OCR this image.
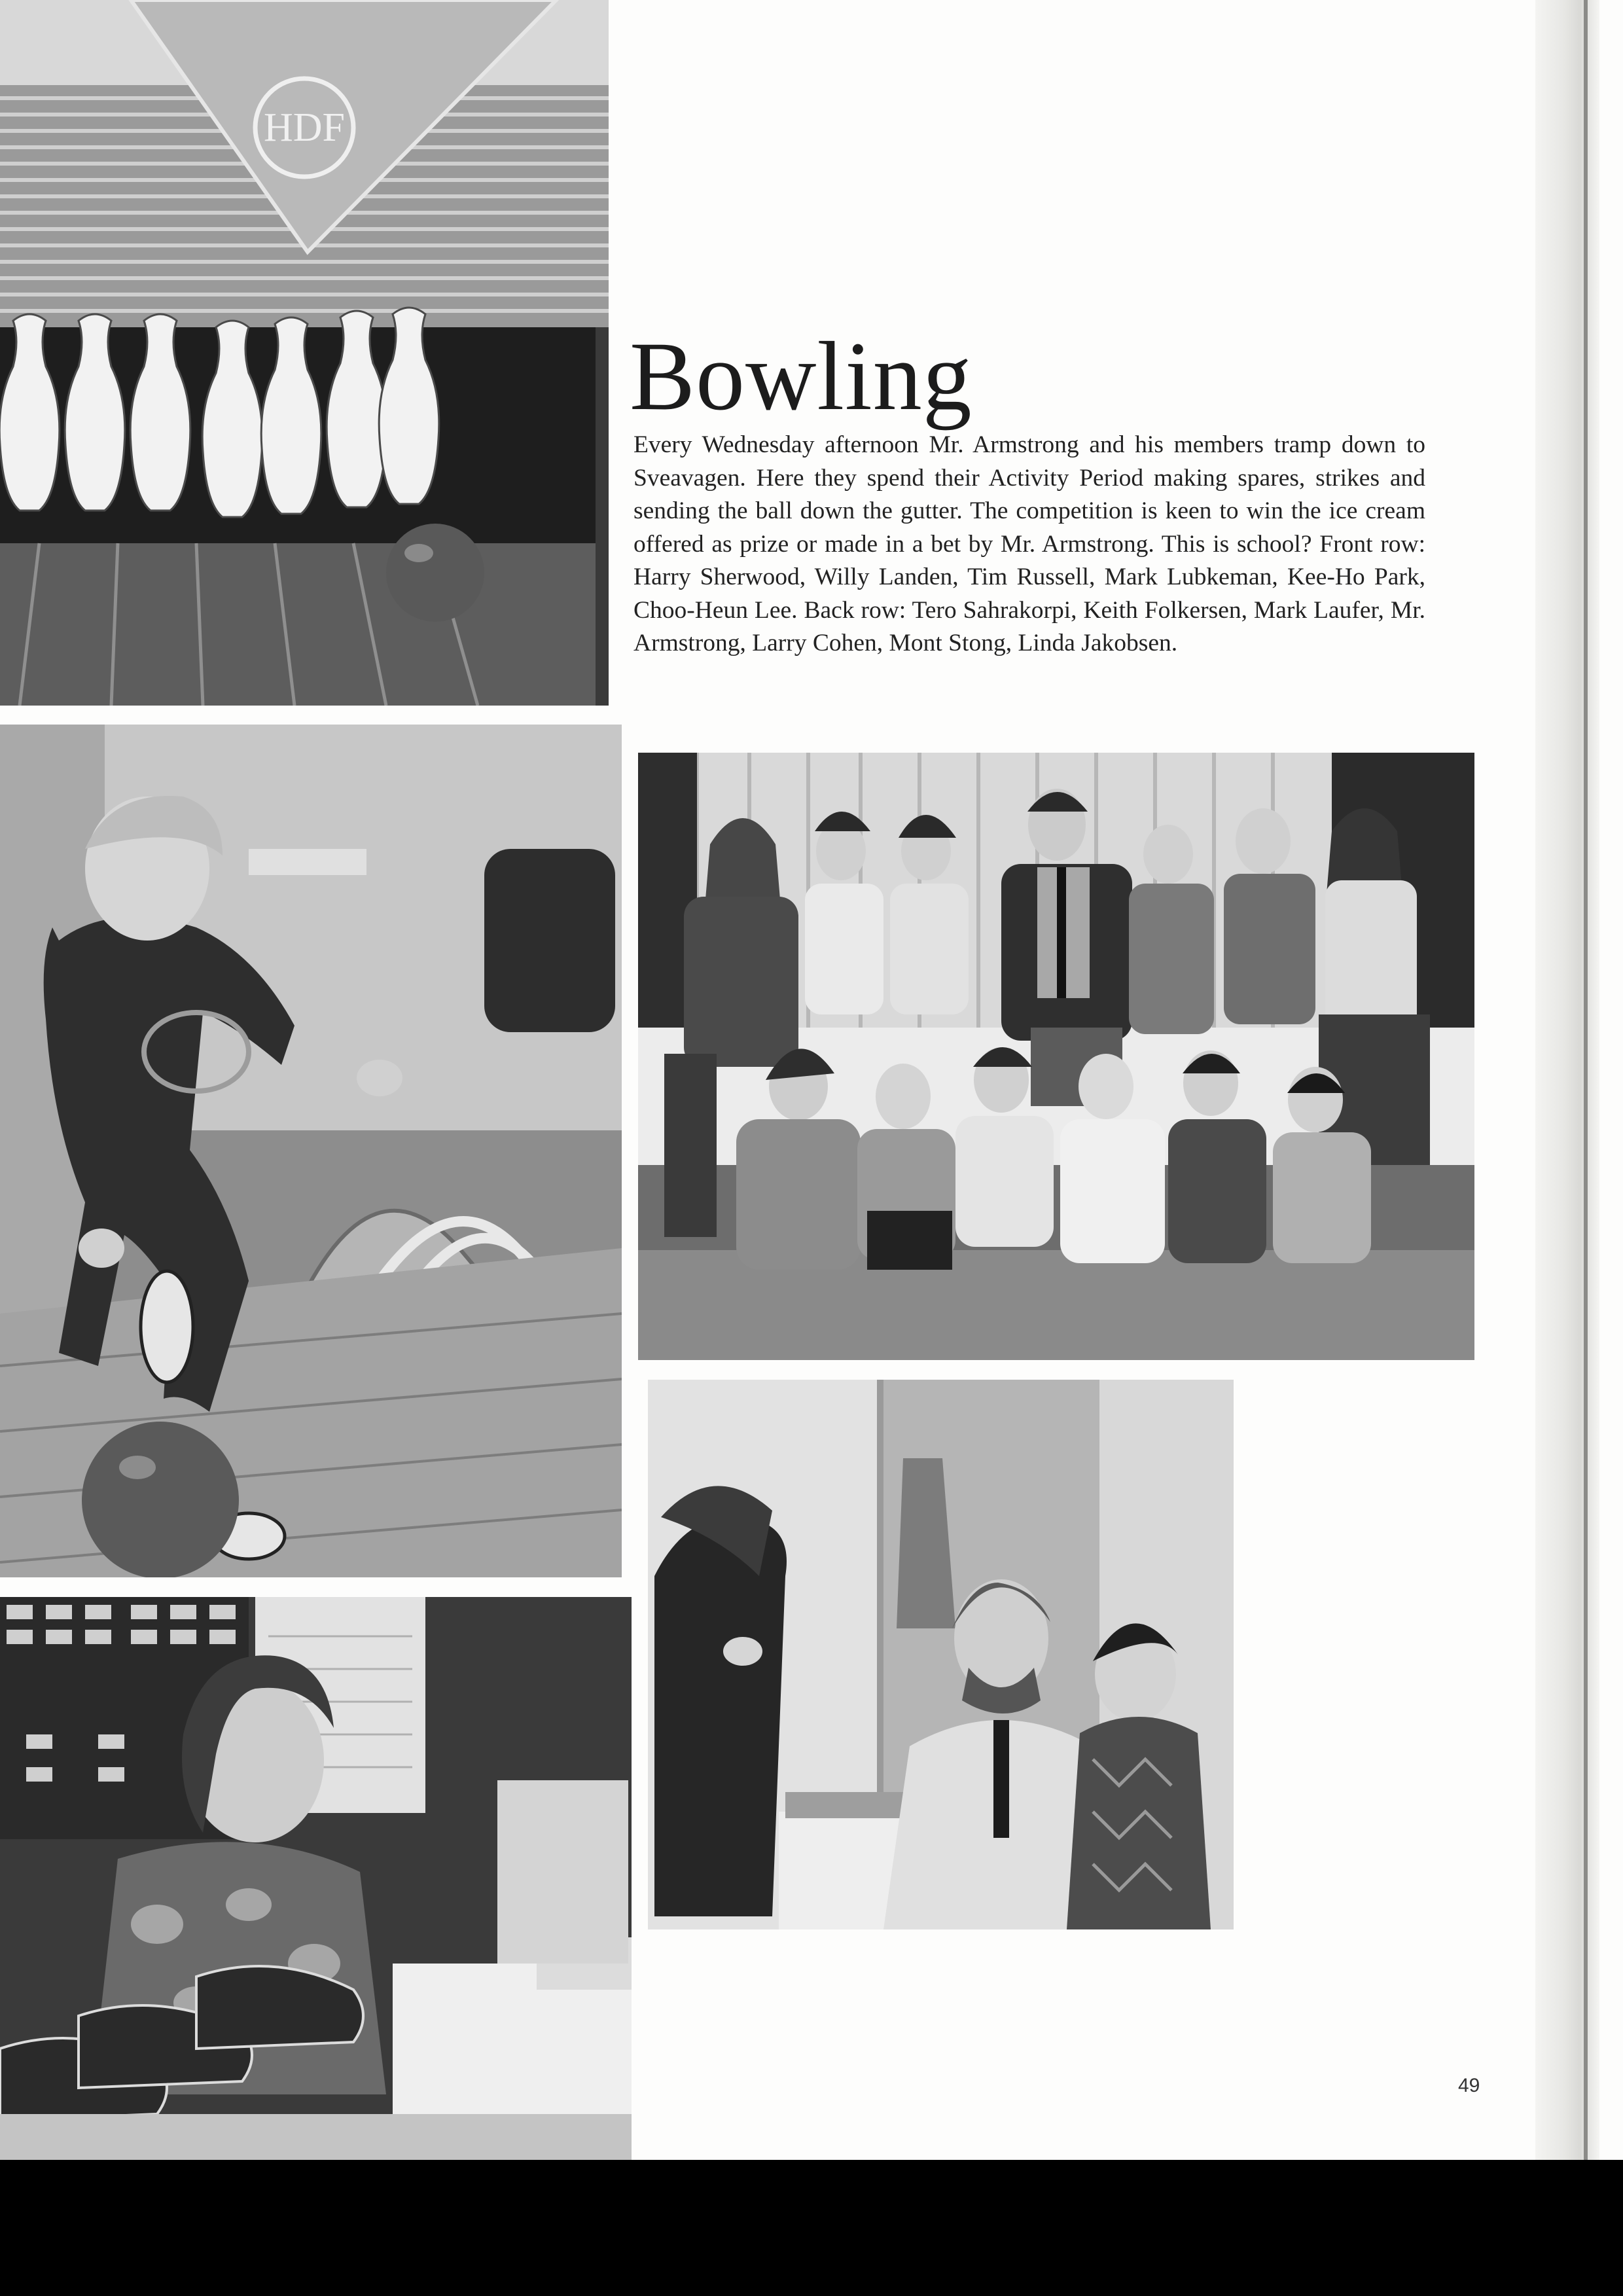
HDF
Bowling

Every Wednesday afternoon Mr. Armstrong and his members tramp down to Sveavagen. Here they spend their Activity Period making spares, strikes and sending the ball down the gutter. The competition is keen to win the ice cream offered as prize or made in a bet by Mr. Armstrong. This is school? Front row: Harry Sherwood, Willy Landen, Tim Russell, Mark Lubkeman, Kee-Ho Park, Choo-Heun Lee. Back row: Tero Sahrakorpi, Keith Folkersen, Mark Laufer, Mr. Armstrong, Larry Cohen, Mont Stong, Linda Jakobsen.

49
